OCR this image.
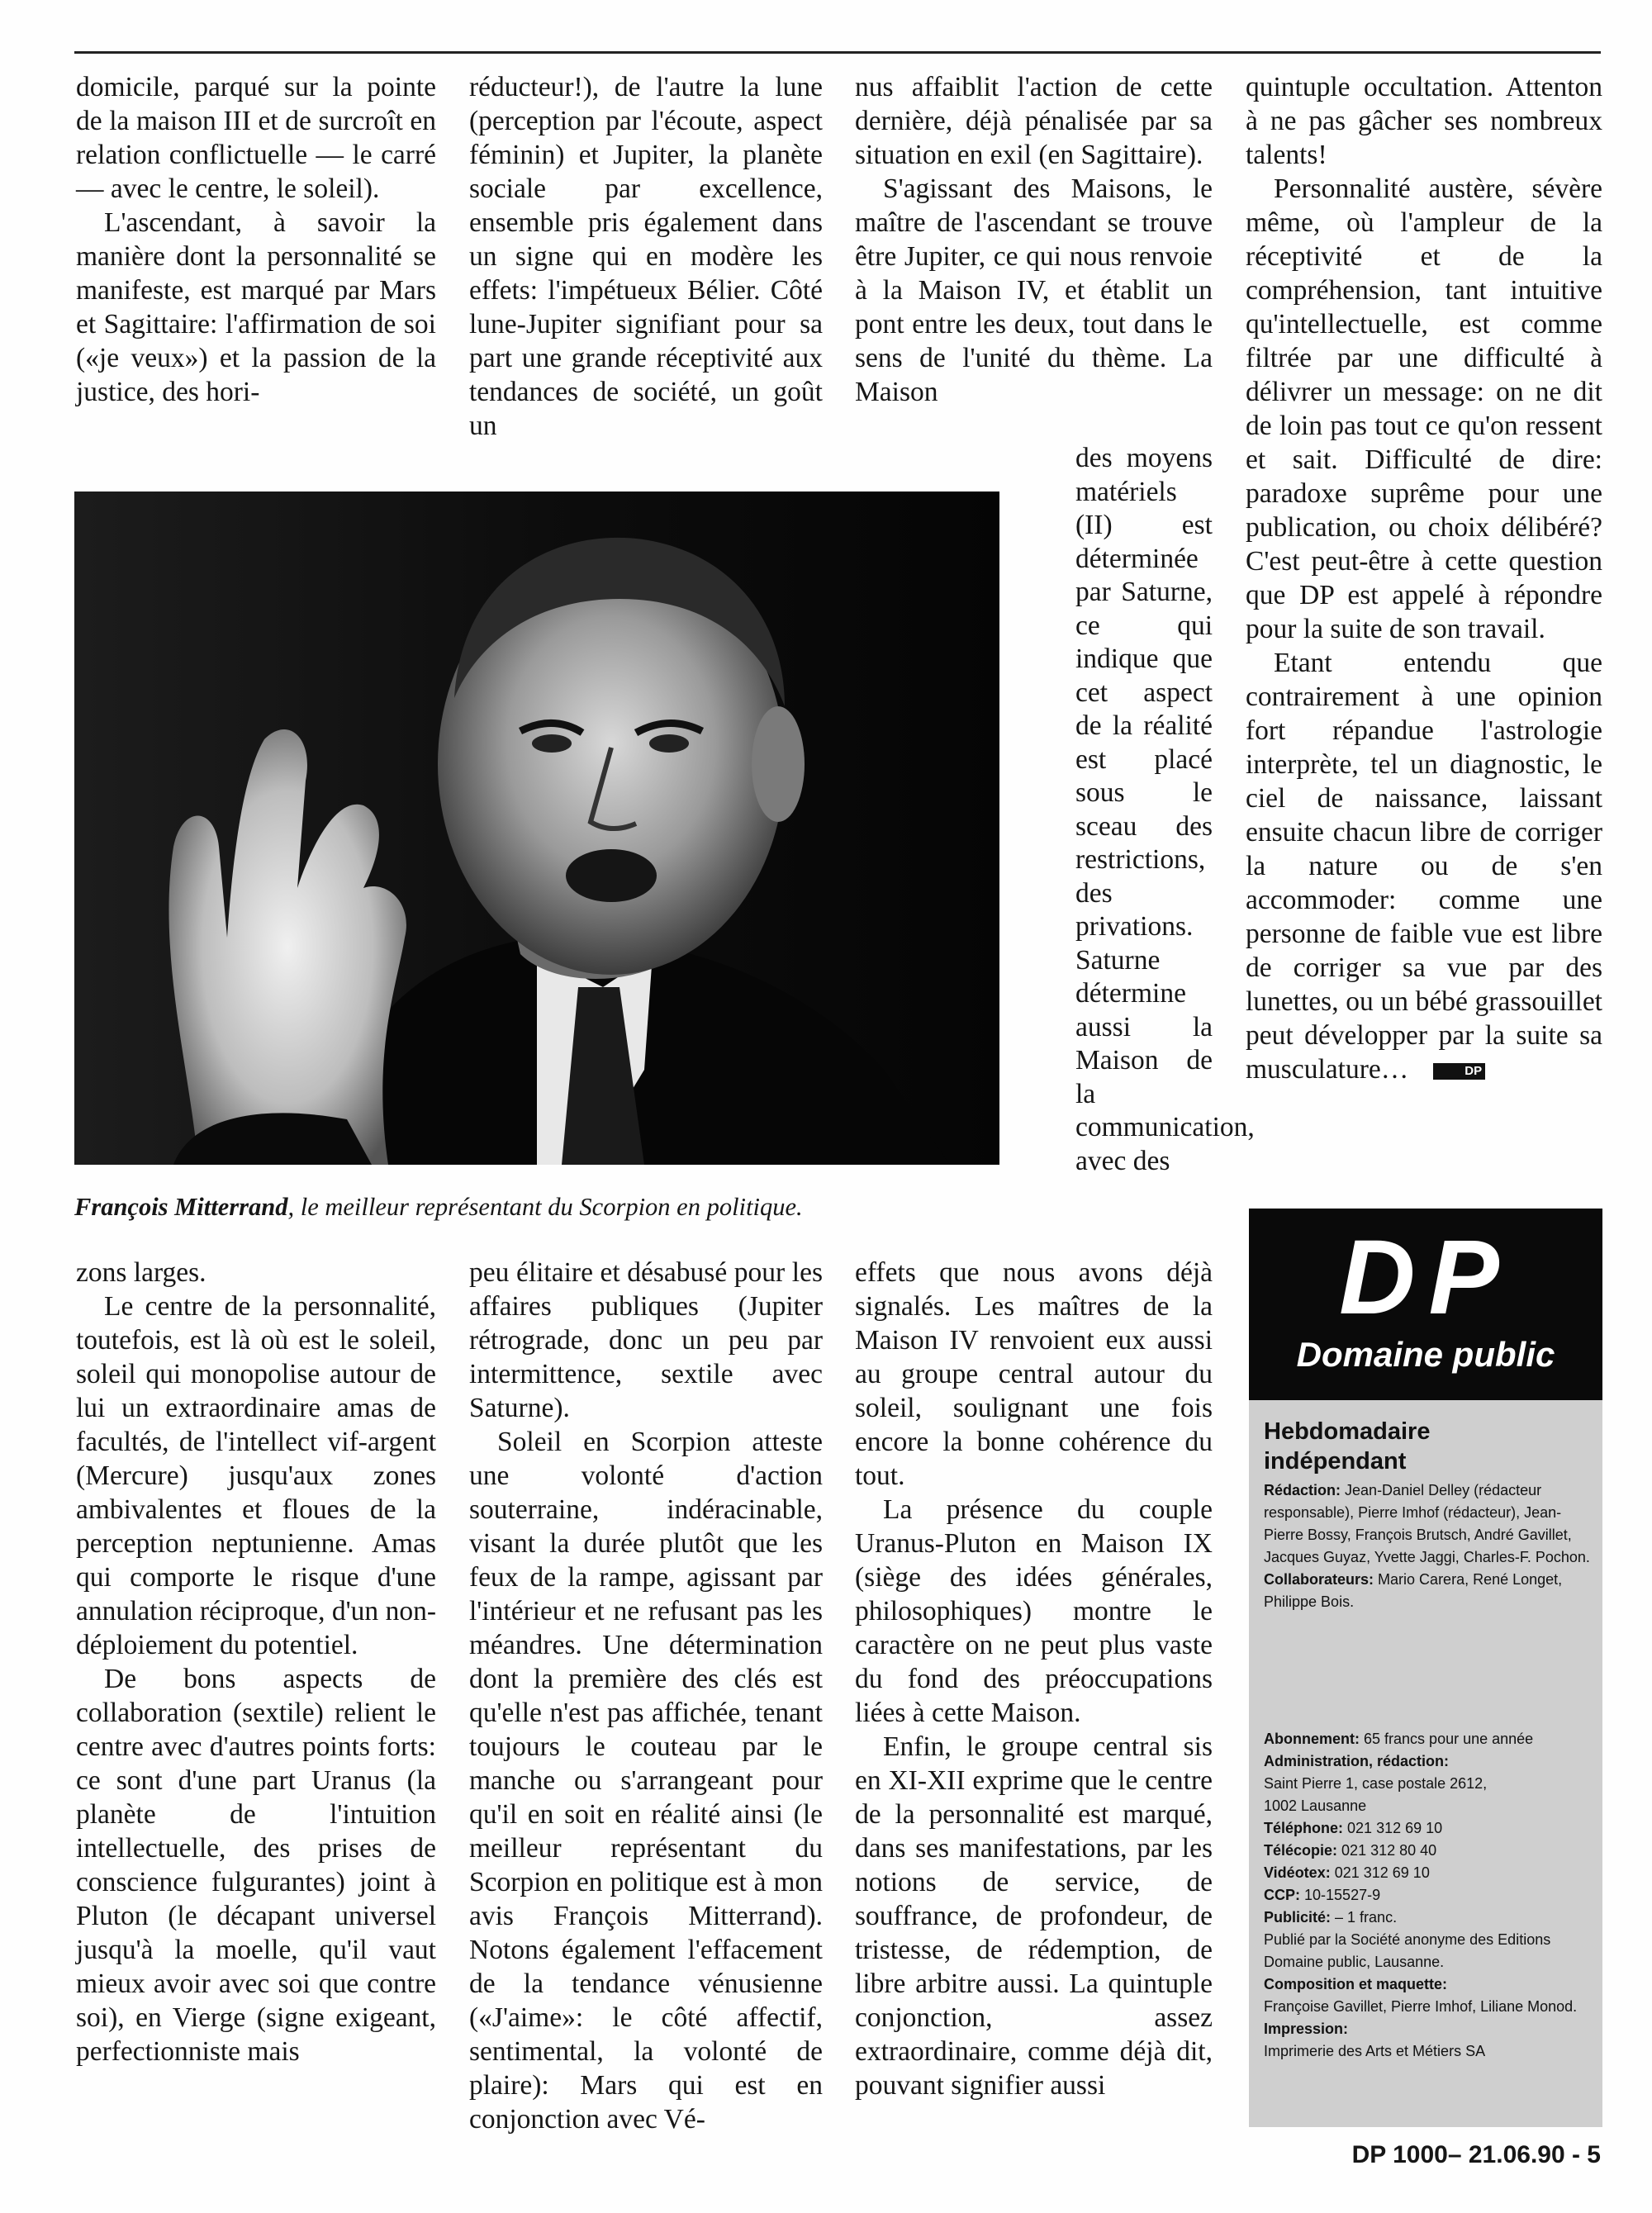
domicile, parqué sur la pointe de la maison III et de surcroît en relation conflictuelle — le carré — avec le centre, le soleil).

L'ascendant, à savoir la manière dont la personnalité se manifeste, est marqué par Mars et Sagittaire: l'affirmation de soi («je veux») et la passion de la justice, des hori-

réducteur!), de l'autre la lune (perception par l'écoute, aspect féminin) et Jupiter, la planète sociale par excellence, ensemble pris également dans un signe qui en modère les effets: l'impétueux Bélier. Côté lune-Jupiter signifiant pour sa part une grande réceptivité aux tendances de société, un goût un

nus affaiblit l'action de cette dernière, déjà pénalisée par sa situation en exil (en Sagittaire).

S'agissant des Maisons, le maître de l'ascendant se trouve être Jupiter, ce qui nous renvoie à la Maison IV, et établit un pont entre les deux, tout dans le sens de l'unité du thème. La Maison

des moyens matériels (II) est déterminée par Saturne, ce qui indique que cet aspect de la réalité est placé sous le sceau des restrictions, des privations. Saturne détermine aussi la Maison de la communication, avec des

quintuple occultation. Attenton à ne pas gâcher ses nombreux talents!

Personnalité austère, sévère même, où l'ampleur de la réceptivité et de la compréhension, tant intuitive qu'intellectuelle, est comme filtrée par une difficulté à délivrer un message: on ne dit de loin pas tout ce qu'on ressent et sait. Difficulté de dire: paradoxe suprême pour une publication, ou choix délibéré? C'est peut-être à cette question que DP est appelé à répondre pour la suite de son travail.

Etant entendu que contrairement à une opinion fort répandue l'astrologie interprète, tel un diagnostic, le ciel de naissance, laissant ensuite chacun libre de corriger la nature ou de s'en accommoder: comme une personne de faible vue est libre de corriger sa vue par des lunettes, ou un bébé grassouillet peut développer par la suite sa musculature…	DP

François Mitterrand, le meilleur représentant du Scorpion en politique.

zons larges.

Le centre de la personnalité, toutefois, est là où est le soleil, soleil qui monopolise autour de lui un extraordinaire amas de facultés, de l'intellect vif-argent (Mercure) jusqu'aux zones ambivalentes et floues de la perception neptunienne. Amas qui comporte le risque d'une annulation réciproque, d'un non-déploiement du potentiel.

De bons aspects de collaboration (sextile) relient le centre avec d'autres points forts: ce sont d'une part Uranus (la planète de l'intuition intellectuelle, des prises de conscience fulgurantes) joint à Pluton (le décapant universel jusqu'à la moelle, qu'il vaut mieux avoir avec soi que contre soi), en Vierge (signe exigeant, perfectionniste mais

peu élitaire et désabusé pour les affaires publiques (Jupiter rétrograde, donc un peu par intermittence, sextile avec Saturne).

Soleil en Scorpion atteste une volonté d'action souterraine, indéracinable, visant la durée plutôt que les feux de la rampe, agissant par l'intérieur et ne refusant pas les méandres. Une détermination dont la première des clés est qu'elle n'est pas affichée, tenant toujours le couteau par le manche ou s'arrangeant pour qu'il en soit en réalité ainsi (le meilleur représentant du Scorpion en politique est à mon avis François Mitterrand). Notons également l'effacement de la tendance vénusienne («J'aime»: le côté affectif, sentimental, la volonté de plaire): Mars qui est en conjonction avec Vé-

effets que nous avons déjà signalés. Les maîtres de la Maison IV renvoient eux aussi au groupe central autour du soleil, soulignant une fois encore la bonne cohérence du tout.

La présence du couple Uranus-Pluton en Maison IX (siège des idées générales, philosophiques) montre le caractère on ne peut plus vaste du fond des préoccupations liées à cette Maison.

Enfin, le groupe central sis en XI-XII exprime que le centre de la personnalité est marqué, dans ses manifestations, par les notions de service, de souffrance, de profondeur, de tristesse, de rédemption, de libre arbitre aussi. La quintuple conjonction, assez extraordinaire, comme déjà dit, pouvant signifier aussi

DP
Domaine public

Hebdomadaire
indépendant

Rédaction: Jean-Daniel Delley (rédacteur responsable), Pierre Imhof (rédacteur), Jean-Pierre Bossy, François Brutsch, André Gavillet, Jacques Guyaz, Yvette Jaggi, Charles-F. Pochon. Collaborateurs: Mario Carera, René Longet, Philippe Bois.

Abonnement: 65 francs pour une année
Administration, rédaction:
Saint Pierre 1, case postale 2612,
1002 Lausanne
Téléphone: 021 312 69 10
Télécopie: 021 312 80 40
Vidéotex: 021 312 69 10
CCP: 10-15527-9
Publicité: – 1 franc.
Publié par la Société anonyme des Editions Domaine public, Lausanne.
Composition et maquette:
Françoise Gavillet, Pierre Imhof, Liliane Monod.
Impression:
Imprimerie des Arts et Métiers SA

DP 1000– 21.06.90 - 5
